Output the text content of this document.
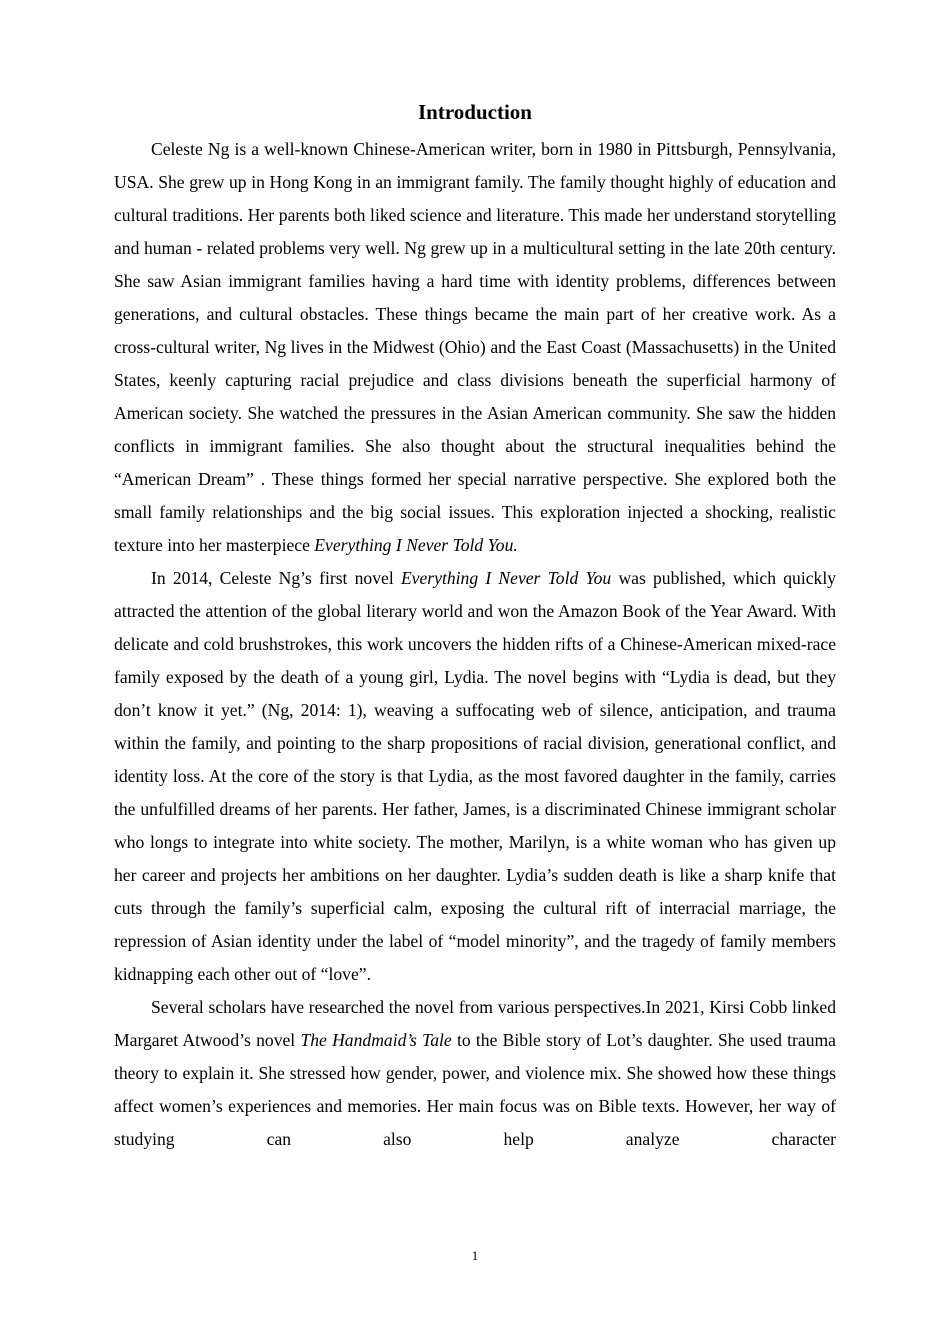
Introduction

Celeste Ng is a well-known Chinese-American writer, born in 1980 in Pittsburgh, Pennsylvania, USA. She grew up in Hong Kong in an immigrant family. The family thought highly of education and cultural traditions. Her parents both liked science and literature. This made her understand storytelling and human - related problems very well. Ng grew up in a multicultural setting in the late 20th century. She saw Asian immigrant families having a hard time with identity problems, differences between generations, and cultural obstacles. These things became the main part of her creative work. As a cross-cultural writer, Ng lives in the Midwest (Ohio) and the East Coast (Massachusetts) in the United States, keenly capturing racial prejudice and class divisions beneath the superficial harmony of American society. She watched the pressures in the Asian American community. She saw the hidden conflicts in immigrant families. She also thought about the structural inequalities behind the “American Dream” . These things formed her special narrative perspective. She explored both the small family relationships and the big social issues. This exploration injected a shocking, realistic texture into her masterpiece Everything I Never Told You.

In 2014, Celeste Ng’s first novel Everything I Never Told You was published, which quickly attracted the attention of the global literary world and won the Amazon Book of the Year Award. With delicate and cold brushstrokes, this work uncovers the hidden rifts of a Chinese-American mixed-race family exposed by the death of a young girl, Lydia. The novel begins with “Lydia is dead, but they don’t know it yet.” (Ng, 2014: 1), weaving a suffocating web of silence, anticipation, and trauma within the family, and pointing to the sharp propositions of racial division, generational conflict, and identity loss. At the core of the story is that Lydia, as the most favored daughter in the family, carries the unfulfilled dreams of her parents. Her father, James, is a discriminated Chinese immigrant scholar who longs to integrate into white society. The mother, Marilyn, is a white woman who has given up her career and projects her ambitions on her daughter. Lydia’s sudden death is like a sharp knife that cuts through the family’s superficial calm, exposing the cultural rift of interracial marriage, the repression of Asian identity under the label of “model minority”, and the tragedy of family members kidnapping each other out of “love”.

Several scholars have researched the novel from various perspectives.In 2021, Kirsi Cobb linked Margaret Atwood’s novel The Handmaid’s Tale to the Bible story of Lot’s daughter. She used trauma theory to explain it. She stressed how gender, power, and violence mix. She showed how these things affect women’s experiences and memories. Her main focus was on Bible texts. However, her way of studying can also help analyze character

1
